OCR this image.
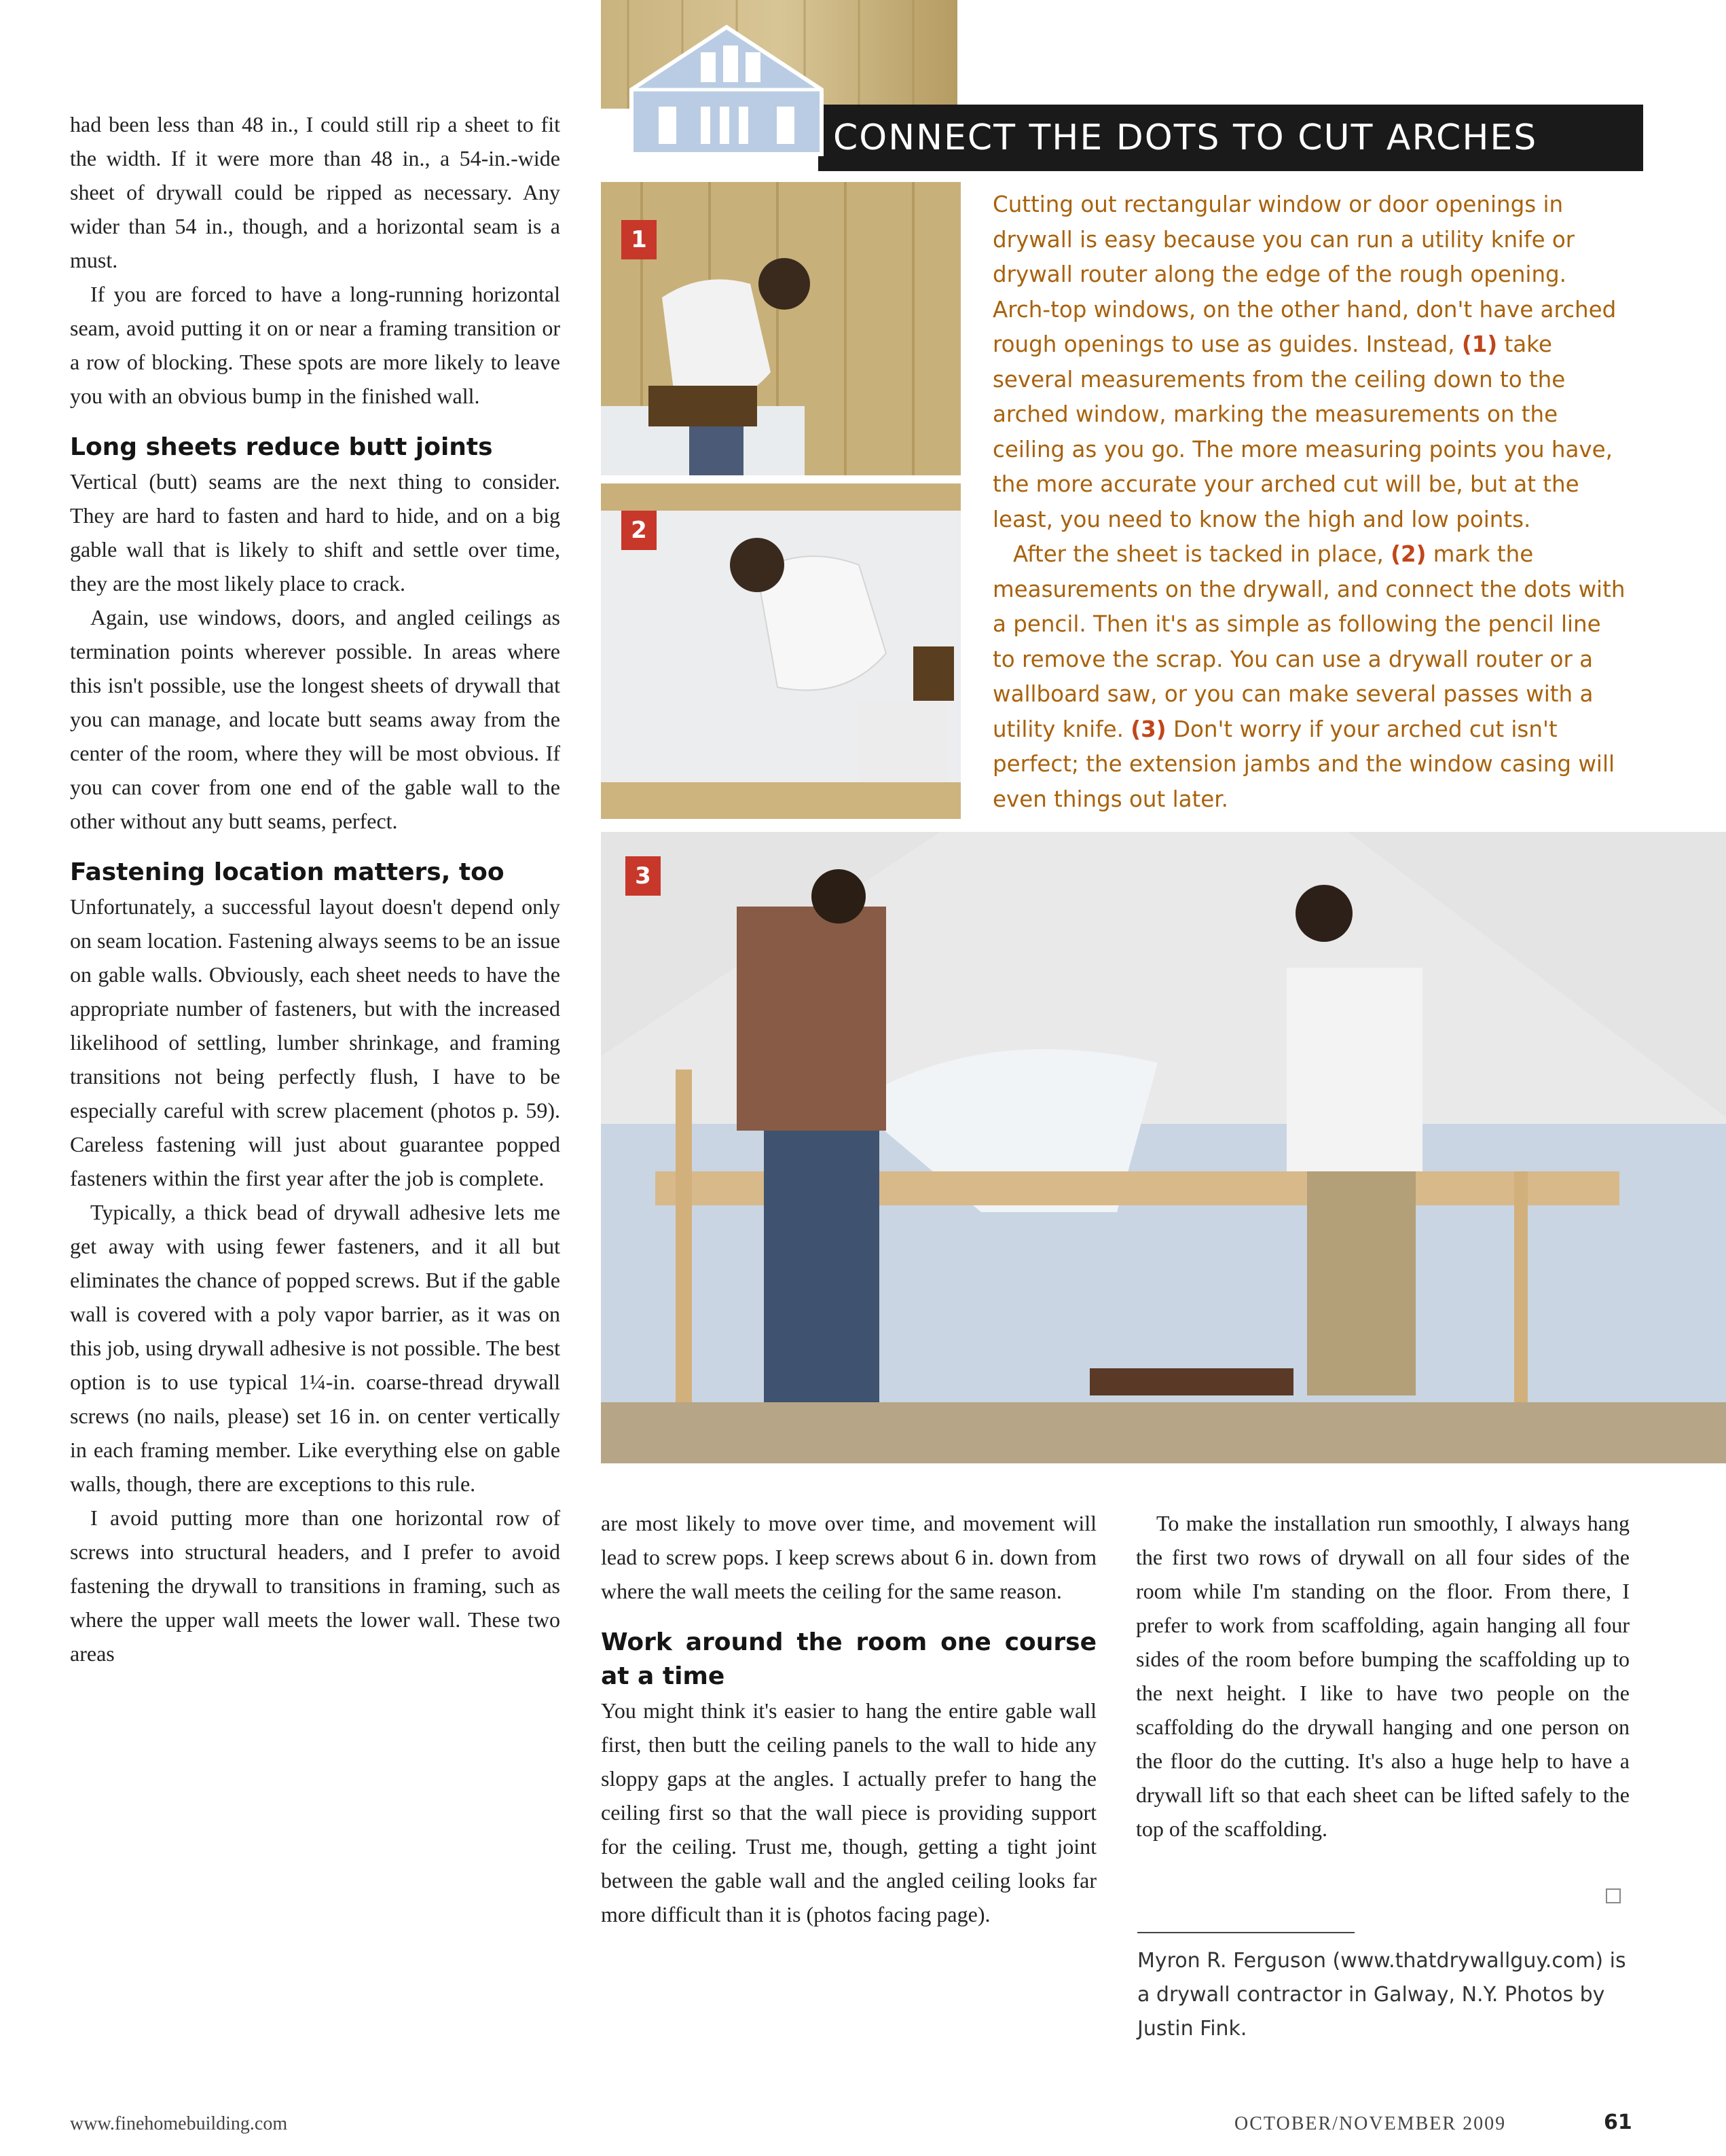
had been less than 48 in., I could still rip a sheet to fit the width. If it were more than 48 in., a 54-in.-wide sheet of drywall could be ripped as necessary. Any wider than 54 in., though, and a horizontal seam is a must.

If you are forced to have a long-running horizontal seam, avoid putting it on or near a framing transition or a row of blocking. These spots are more likely to leave you with an obvious bump in the finished wall.

Long sheets reduce butt joints

Vertical (butt) seams are the next thing to consider. They are hard to fasten and hard to hide, and on a big gable wall that is likely to shift and settle over time, they are the most likely place to crack.

Again, use windows, doors, and angled ceilings as termination points wherever possible. In areas where this isn't possible, use the longest sheets of drywall that you can manage, and locate butt seams away from the center of the room, where they will be most obvious. If you can cover from one end of the gable wall to the other without any butt seams, perfect.

Fastening location matters, too

Unfortunately, a successful layout doesn't depend only on seam location. Fastening always seems to be an issue on gable walls. Obviously, each sheet needs to have the appropriate number of fasteners, but with the increased likelihood of settling, lumber shrinkage, and framing transitions not being perfectly flush, I have to be especially careful with screw placement (photos p. 59). Careless fastening will just about guarantee popped fasteners within the first year after the job is complete.

Typically, a thick bead of drywall adhesive lets me get away with using fewer fasteners, and it all but eliminates the chance of popped screws. But if the gable wall is covered with a poly vapor barrier, as it was on this job, using drywall adhesive is not possible. The best option is to use typical 1¼-in. coarse-thread drywall screws (no nails, please) set 16 in. on center vertically in each framing member. Like everything else on gable walls, though, there are exceptions to this rule.

I avoid putting more than one horizontal row of screws into structural headers, and I prefer to avoid fastening the drywall to transitions in framing, such as where the upper wall meets the lower wall. These two areas

CONNECT THE DOTS TO CUT ARCHES
1
2

Cutting out rectangular window or door openings in drywall is easy because you can run a utility knife or drywall router along the edge of the rough opening. Arch-top windows, on the other hand, don't have arched rough openings to use as guides. Instead, (1) take several measurements from the ceiling down to the arched window, marking the measurements on the ceiling as you go. The more measuring points you have, the more accurate your arched cut will be, but at the least, you need to know the high and low points.

After the sheet is tacked in place, (2) mark the measurements on the drywall, and connect the dots with a pencil. Then it's as simple as following the pencil line to remove the scrap. You can use a drywall router or a wallboard saw, or you can make several passes with a utility knife. (3) Don't worry if your arched cut isn't perfect; the extension jambs and the window casing will even things out later.

3

are most likely to move over time, and movement will lead to screw pops. I keep screws about 6 in. down from where the wall meets the ceiling for the same reason.

Work around the room one course at a time

You might think it's easier to hang the entire gable wall first, then butt the ceiling panels to the wall to hide any sloppy gaps at the angles. I actually prefer to hang the ceiling first so that the wall piece is providing support for the ceiling. Trust me, though, getting a tight joint between the gable wall and the angled ceiling looks far more difficult than it is (photos facing page).

To make the installation run smoothly, I always hang the first two rows of drywall on all four sides of the room while I'm standing on the floor. From there, I prefer to work from scaffolding, again hanging all four sides of the room before bumping the scaffolding up to the next height. I like to have two people on the scaffolding do the drywall hanging and one person on the floor do the cutting. It's also a huge help to have a drywall lift so that each sheet can be lifted safely to the top of the scaffolding.

Myron R. Ferguson (www.thatdrywallguy.com) is a drywall contractor in Galway, N.Y. Photos by Justin Fink.
www.finehomebuilding.com	OCTOBER/NOVEMBER 2009	61
